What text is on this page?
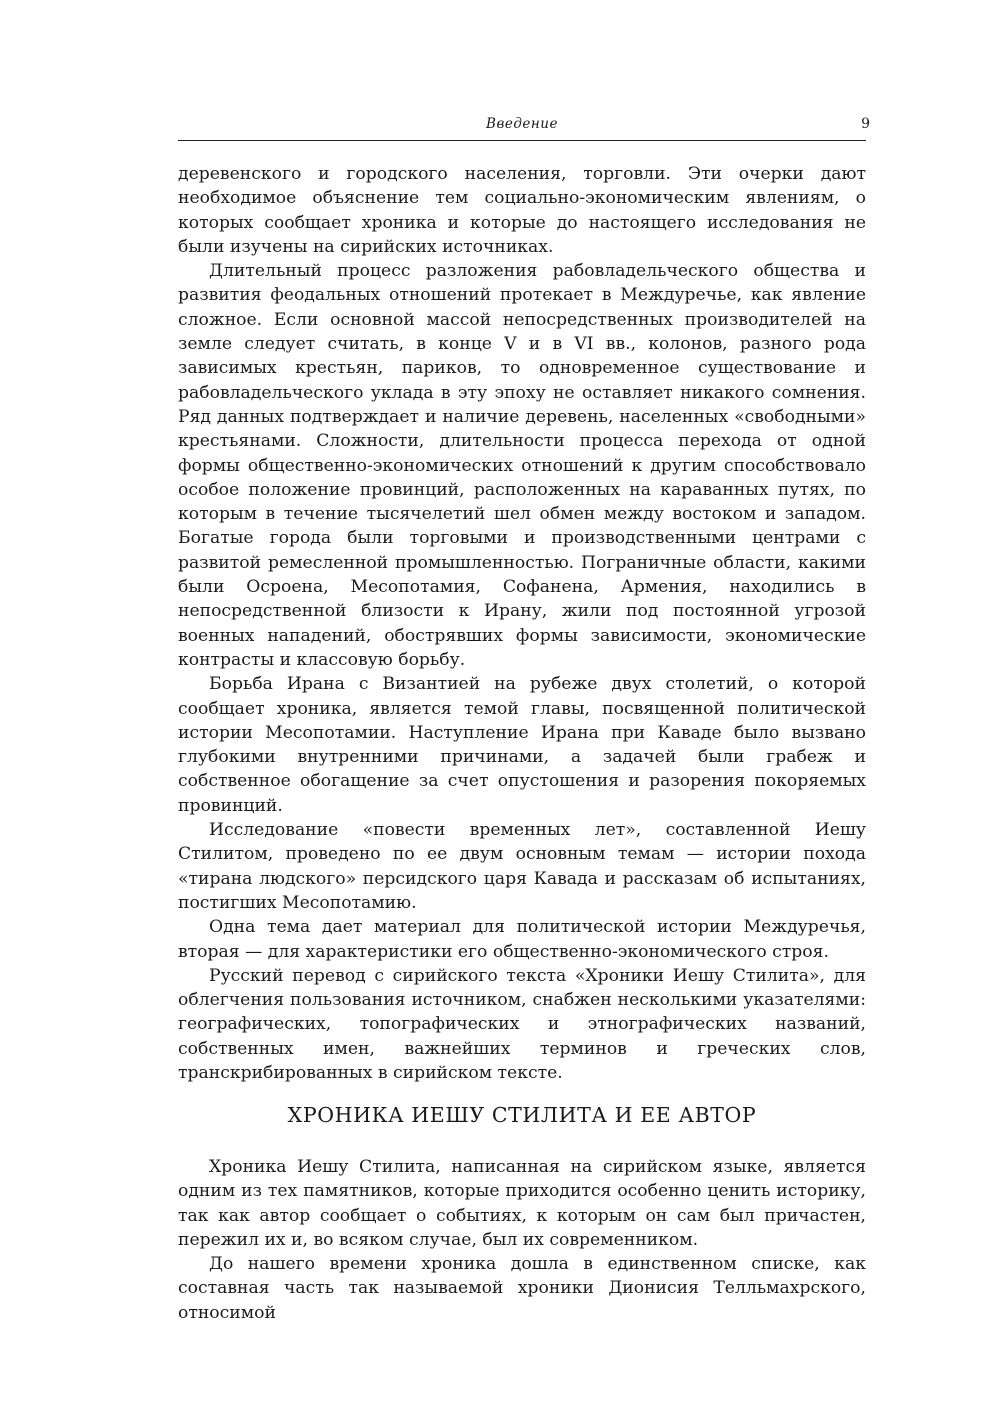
Введение	9

деревенского и городского населения, торговли. Эти очерки дают необходимое объяснение тем социально-экономическим явлениям, о которых сообщает хроника и которые до настоящего исследования не были изучены на сирийских источниках.

Длительный процесс разложения рабовладельческого общества и развития феодальных отношений протекает в Междуречье, как явление сложное. Если основной массой непосредственных производителей на земле следует считать, в конце V и в VI вв., колонов, разного рода зависимых крестьян, париков, то одновременное существование и рабовладельческого уклада в эту эпоху не оставляет никакого сомнения. Ряд данных подтверждает и наличие деревень, населенных «свободными» крестьянами. Сложности, длительности процесса перехода от одной формы общественно-экономических отношений к другим способствовало особое положение провинций, расположенных на караванных путях, по которым в течение тысячелетий шел обмен между востоком и западом. Богатые города были торговыми и производственными центрами с развитой ремесленной промышленностью. Пограничные области, какими были Осроена, Месопотамия, Софанена, Армения, находились в непосредственной близости к Ирану, жили под постоянной угрозой военных нападений, обострявших формы зависимости, экономические контрасты и классовую борьбу.

Борьба Ирана с Византией на рубеже двух столетий, о которой сообщает хроника, является темой главы, посвященной политической истории Месопотамии. Наступление Ирана при Каваде было вызвано глубокими внутренними причинами, а задачей были грабеж и собственное обогащение за счет опустошения и разорения покоряемых провинций.

Исследование «повести временных лет», составленной Иешу Стилитом, проведено по ее двум основным темам — истории похода «тирана людского» персидского царя Кавада и рассказам об испытаниях, постигших Месопотамию.

Одна тема дает материал для политической истории Междуречья, вторая — для характеристики его общественно-экономического строя.

Русский перевод с сирийского текста «Хроники Иешу Стилита», для облегчения пользования источником, снабжен несколькими указателями: географических, топографических и этнографических названий, собственных имен, важнейших терминов и греческих слов, транскрибированных в сирийском тексте.

ХРОНИКА ИЕШУ СТИЛИТА И ЕЕ АВТОР

Хроника Иешу Стилита, написанная на сирийском языке, является одним из тех памятников, которые приходится особенно ценить историку, так как автор сообщает о событиях, к которым он сам был причастен, пережил их и, во всяком случае, был их современником.

До нашего времени хроника дошла в единственном списке, как составная часть так называемой хроники Дионисия Телльмахрского, относимой
